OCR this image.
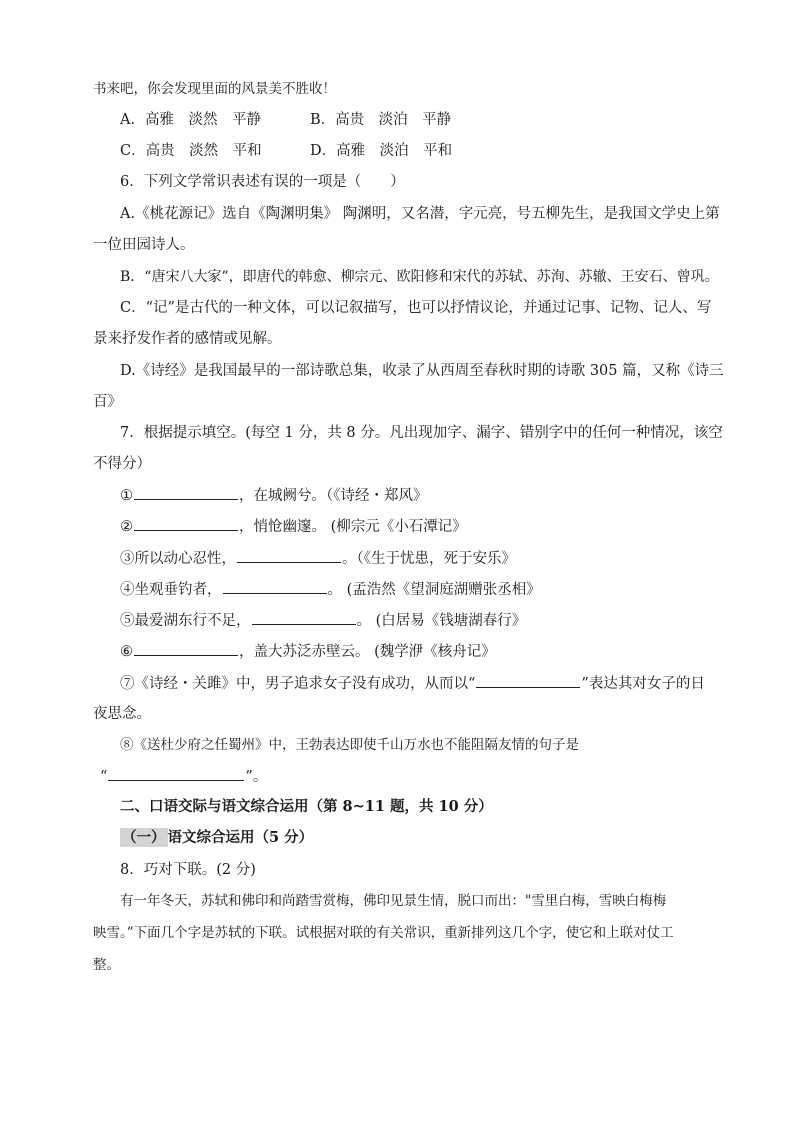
书来吧，你会发现里面的风景美不胜收！
A．高雅　淡然　平静	B．高贵　淡泊　平静
C．高贵　淡然　平和	D．高雅　淡泊　平和
6．下列文学常识表述有误的一项是（　　）
A.《桃花源记》选自《陶渊明集》 陶渊明，又名潜，字元亮，号五柳先生，是我国文学史上第
一位田园诗人。
B．“唐宋八大家”，即唐代的韩愈、柳宗元、欧阳修和宋代的苏轼、苏洵、苏辙、王安石、曾巩。
C．“记”是古代的一种文体，可以记叙描写，也可以抒情议论，并通过记事、记物、记人、写
景来抒发作者的感情或见解。
D.《诗经》是我国最早的一部诗歌总集，收录了从西周至春秋时期的诗歌 305 篇，又称《诗三
百》
7．根据提示填空。(每空 1 分，共 8 分。凡出现加字、漏字、错别字中的任何一种情况，该空
不得分）
①	，在城阙兮。（《诗经・郑风》
②	，悄怆幽邃。 (柳宗元《小石潭记》
③所以动心忍性，	。（《生于忧患，死于安乐》
④坐观垂钓者，	。 (孟浩然《望洞庭湖赠张丞相》
⑤最爱湖东行不足，	。 (白居易《钱塘湖春行》
⑥	，盖大苏泛赤壁云。 (魏学洢《核舟记》
⑦《诗经・关雎》中，男子追求女子没有成功，从而以“	”表达其对女子的日
夜思念。
⑧《送杜少府之任蜀州》中，王勃表达即使千山万水也不能阻隔友情的句子是
“	”。
二、口语交际与语文综合运用（第 8~11 题，共 10 分）
（一） 语文综合运用（5 分）
8．巧对下联。(2 分)
有一年冬天，苏轼和佛印和尚踏雪赏梅，佛印见景生情，脱口而出："雪里白梅，雪映白梅梅
映雪。”下面几个字是苏轼的下联。试根据对联的有关常识，重新排列这几个字，使它和上联对仗工
整。
